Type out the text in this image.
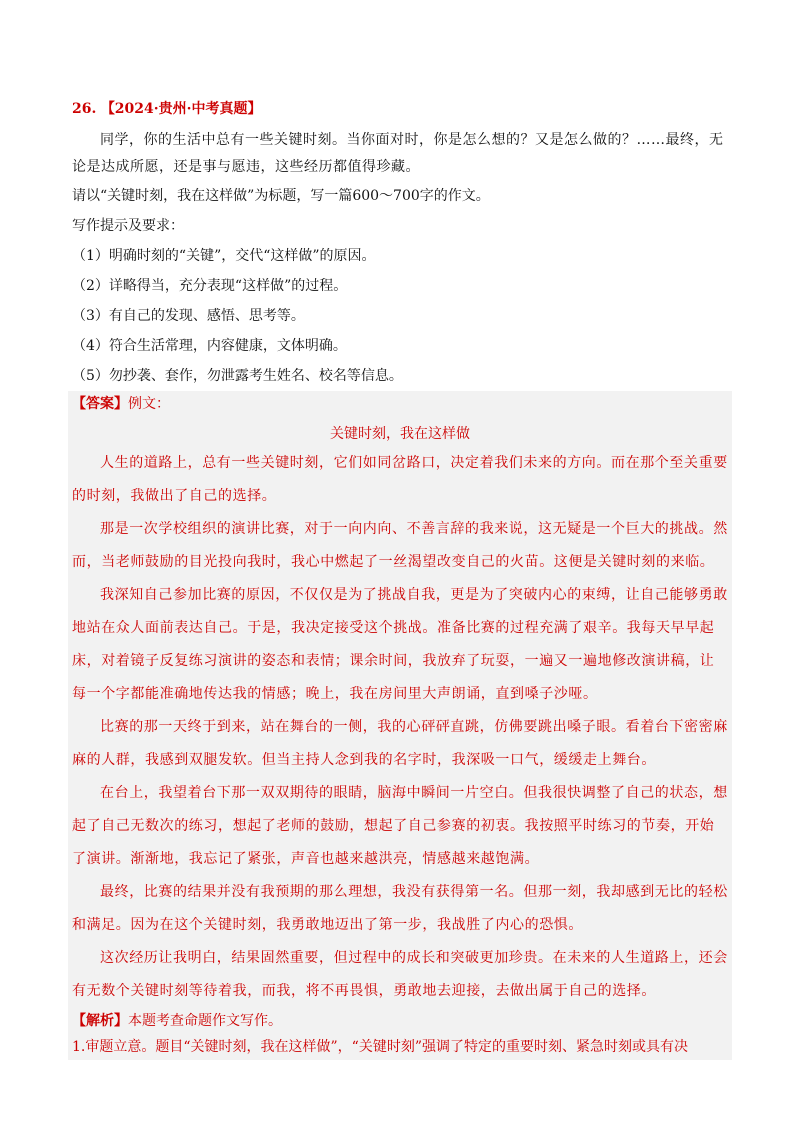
26. 【2024·贵州·中考真题】

同学，你的生活中总有一些关键时刻。当你面对时，你是怎么想的？又是怎么做的？……最终，无论是达成所愿，还是事与愿违，这些经历都值得珍藏。

请以“关键时刻，我在这样做”为标题，写一篇600～700字的作文。

写作提示及要求：

（1）明确时刻的“关键”，交代“这样做”的原因。

（2）详略得当，充分表现“这样做”的过程。

（3）有自己的发现、感悟、思考等。

（4）符合生活常理，内容健康，文体明确。

（5）勿抄袭、套作，勿泄露考生姓名、校名等信息。

【答案】例文：

关键时刻，我在这样做

人生的道路上，总有一些关键时刻，它们如同岔路口，决定着我们未来的方向。而在那个至关重要的时刻，我做出了自己的选择。

那是一次学校组织的演讲比赛，对于一向内向、不善言辞的我来说，这无疑是一个巨大的挑战。然而，当老师鼓励的目光投向我时，我心中燃起了一丝渴望改变自己的火苗。这便是关键时刻的来临。

我深知自己参加比赛的原因，不仅仅是为了挑战自我，更是为了突破内心的束缚，让自己能够勇敢地站在众人面前表达自己。于是，我决定接受这个挑战。准备比赛的过程充满了艰辛。我每天早早起床，对着镜子反复练习演讲的姿态和表情；课余时间，我放弃了玩耍，一遍又一遍地修改演讲稿，让每一个字都能准确地传达我的情感；晚上，我在房间里大声朗诵，直到嗓子沙哑。

比赛的那一天终于到来，站在舞台的一侧，我的心砰砰直跳，仿佛要跳出嗓子眼。看着台下密密麻麻的人群，我感到双腿发软。但当主持人念到我的名字时，我深吸一口气，缓缓走上舞台。

在台上，我望着台下那一双双期待的眼睛，脑海中瞬间一片空白。但我很快调整了自己的状态，想起了自己无数次的练习，想起了老师的鼓励，想起了自己参赛的初衷。我按照平时练习的节奏，开始了演讲。渐渐地，我忘记了紧张，声音也越来越洪亮，情感越来越饱满。

最终，比赛的结果并没有我预期的那么理想，我没有获得第一名。但那一刻，我却感到无比的轻松和满足。因为在这个关键时刻，我勇敢地迈出了第一步，我战胜了内心的恐惧。

这次经历让我明白，结果固然重要，但过程中的成长和突破更加珍贵。在未来的人生道路上，还会有无数个关键时刻等待着我，而我，将不再畏惧，勇敢地去迎接，去做出属于自己的选择。

【解析】本题考查命题作文写作。

1.审题立意。题目“关键时刻，我在这样做”，“关键时刻”强调了特定的重要时刻、紧急时刻或具有决
